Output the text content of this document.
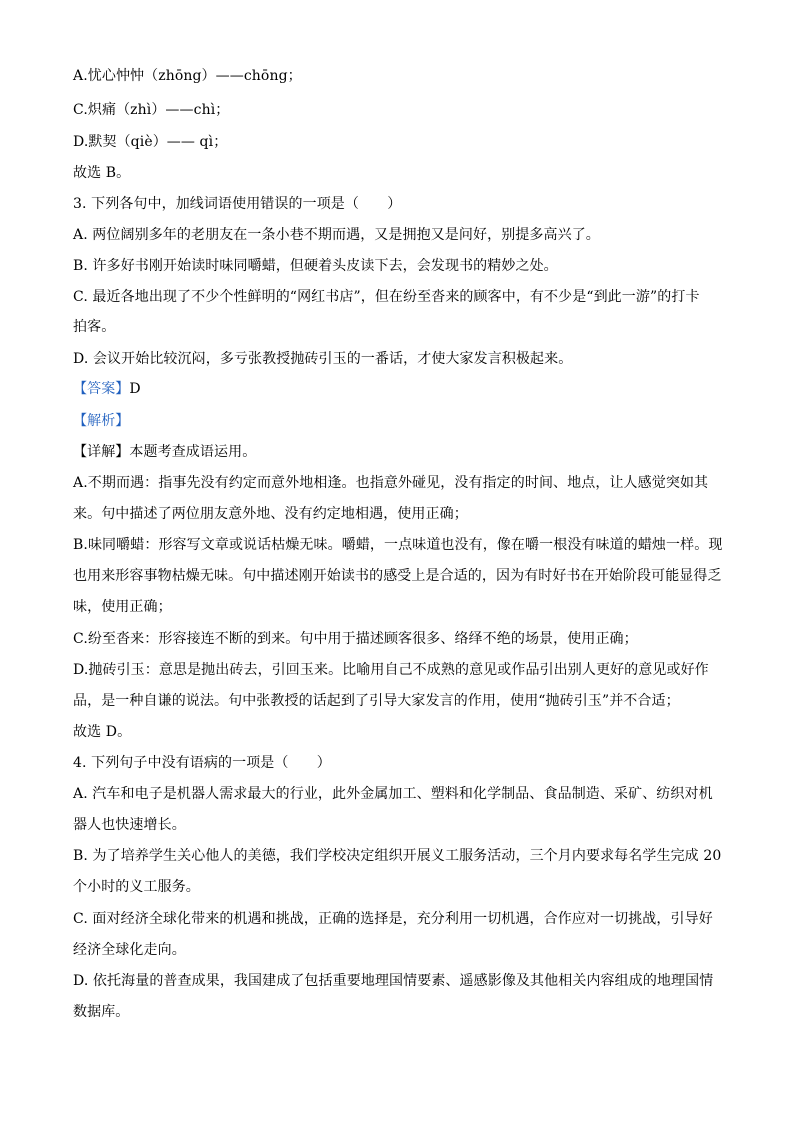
A.忧心忡忡（zhōng）——chōng；
C.炽痛（zhì）——chì；
D.默契（qiè）—— qì；
故选 B。
3. 下列各句中，加线词语使用错误的一项是（　　）
A. 两位阔别多年的老朋友在一条小巷不期而遇，又是拥抱又是问好，别提多高兴了。
B. 许多好书刚开始读时味同嚼蜡，但硬着头皮读下去，会发现书的精妙之处。
C. 最近各地出现了不少个性鲜明的“网红书店”，但在纷至沓来的顾客中，有不少是“到此一游”的打卡
拍客。
D. 会议开始比较沉闷，多亏张教授抛砖引玉的一番话，才使大家发言积极起来。
【答案】D
【解析】
【详解】本题考查成语运用。
A.不期而遇：指事先没有约定而意外地相逢。也指意外碰见，没有指定的时间、地点，让人感觉突如其
来。句中描述了两位朋友意外地、没有约定地相遇，使用正确；
B.味同嚼蜡：形容写文章或说话枯燥无味。嚼蜡，一点味道也没有，像在嚼一根没有味道的蜡烛一样。现
也用来形容事物枯燥无味。句中描述刚开始读书的感受上是合适的，因为有时好书在开始阶段可能显得乏
味，使用正确；
C.纷至沓来：形容接连不断的到来。句中用于描述顾客很多、络绎不绝的场景，使用正确；
D.抛砖引玉：意思是抛出砖去，引回玉来。比喻用自己不成熟的意见或作品引出别人更好的意见或好作
品，是一种自谦的说法。句中张教授的话起到了引导大家发言的作用，使用“抛砖引玉”并不合适；
故选 D。
4. 下列句子中没有语病的一项是（　　）
A. 汽车和电子是机器人需求最大的行业，此外金属加工、塑料和化学制品、食品制造、采矿、纺织对机
器人也快速增长。
B. 为了培养学生关心他人的美德，我们学校决定组织开展义工服务活动，三个月内要求每名学生完成 20
个小时的义工服务。
C. 面对经济全球化带来的机遇和挑战，正确的选择是，充分利用一切机遇，合作应对一切挑战，引导好
经济全球化走向。
D. 依托海量的普查成果，我国建成了包括重要地理国情要素、遥感影像及其他相关内容组成的地理国情
数据库。
